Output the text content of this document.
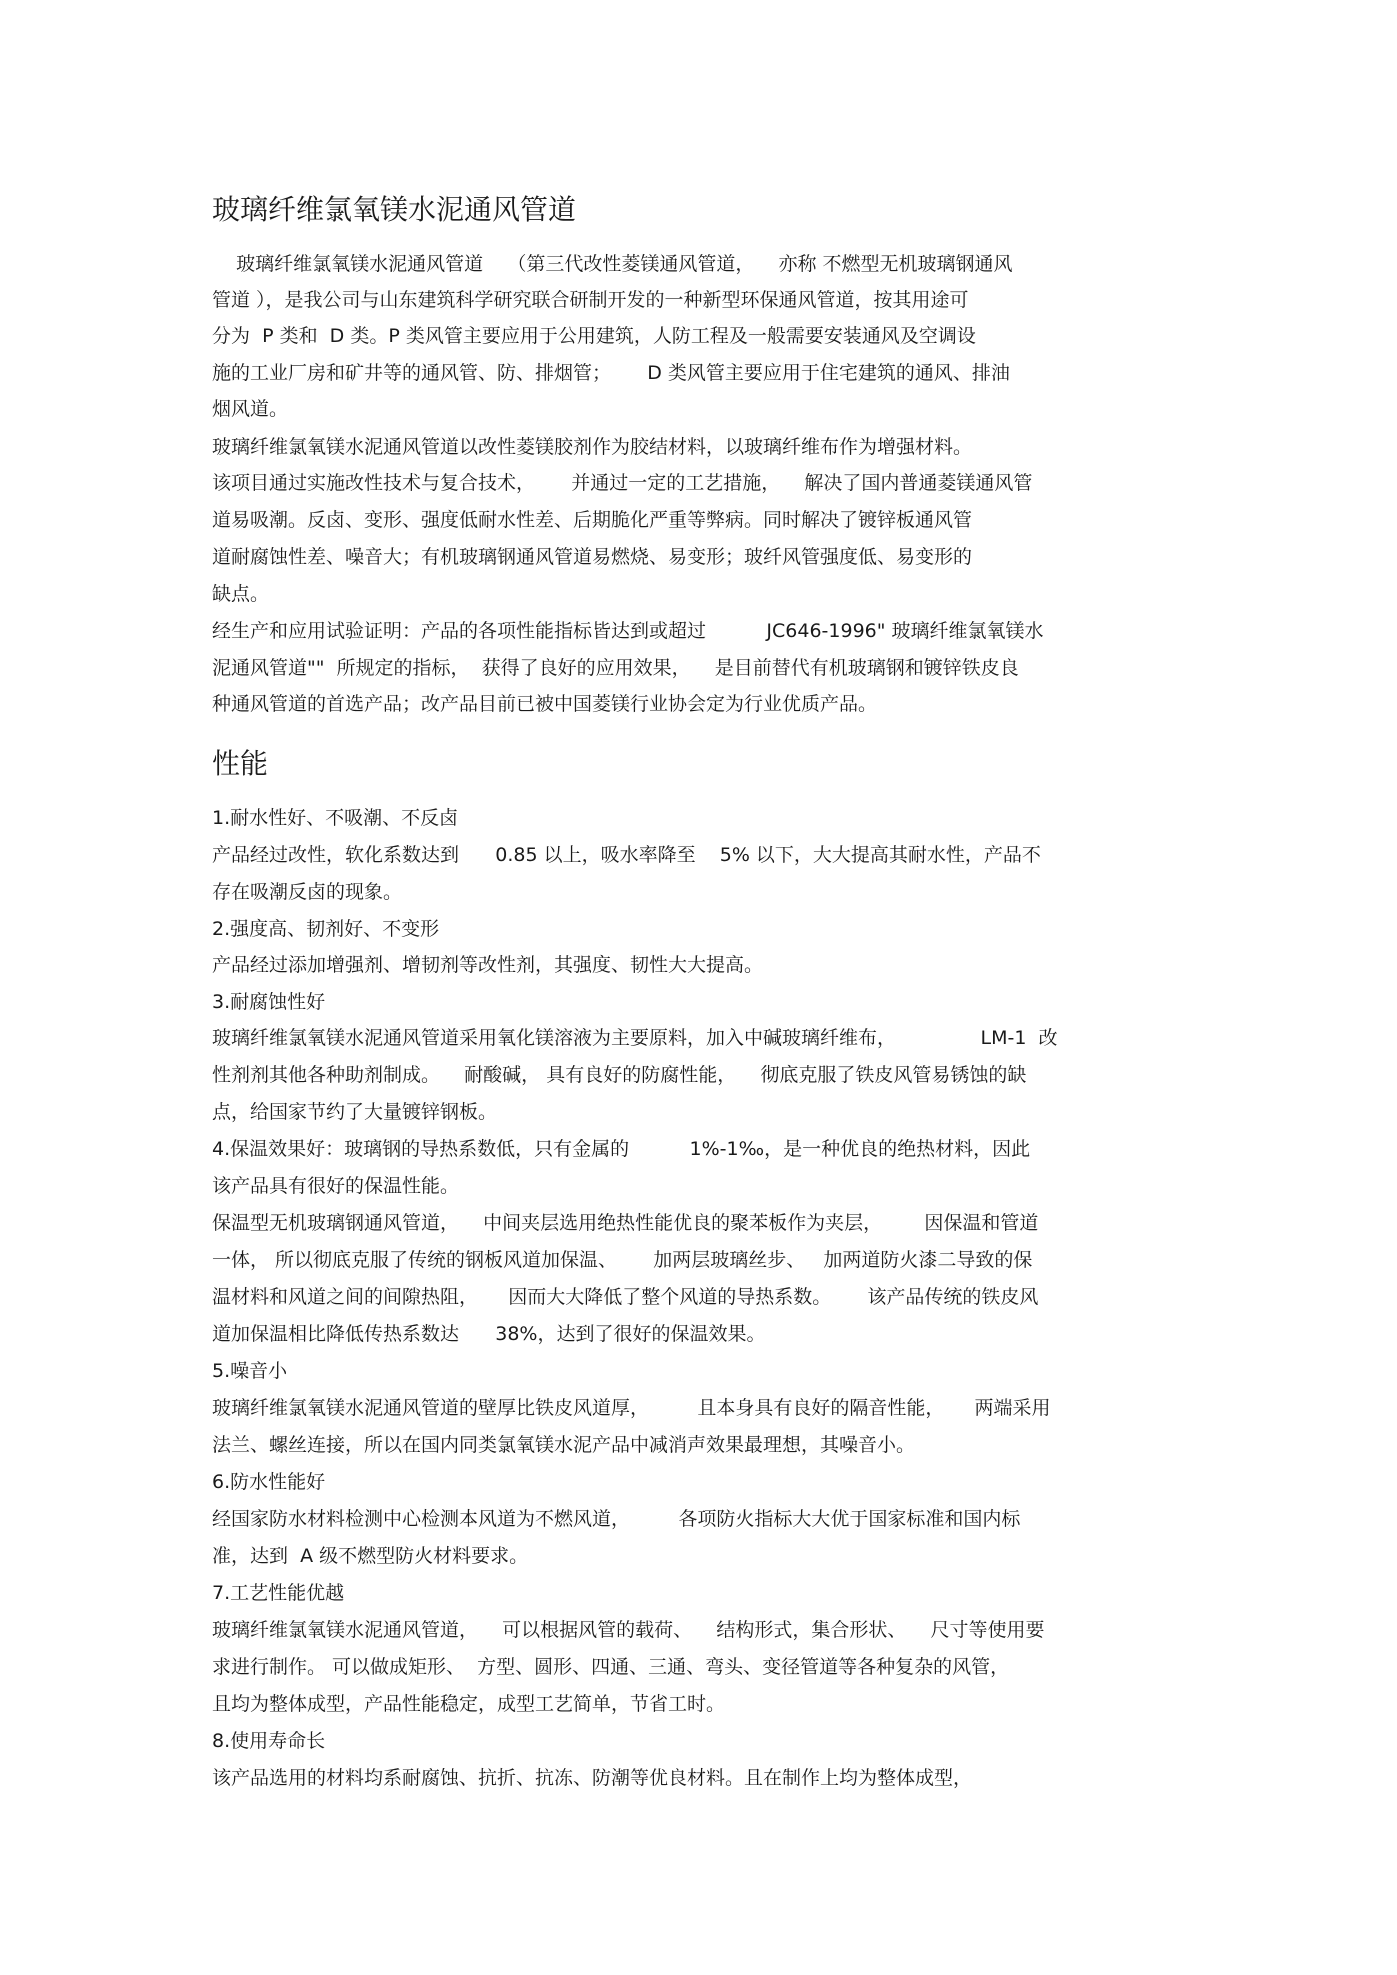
玻璃纤维氯氧镁水泥通风管道
玻璃纤维氯氧镁水泥通风管道    （第三代改性菱镁通风管道，    亦称 不燃型无机玻璃钢通风
管道 ），是我公司与山东建筑科学研究联合研制开发的一种新型环保通风管道，按其用途可
分为  P 类和  D 类。P 类风管主要应用于公用建筑，人防工程及一般需要安装通风及空调设
施的工业厂房和矿井等的通风管、防、排烟管；      D 类风管主要应用于住宅建筑的通风、排油
烟风道。
玻璃纤维氯氧镁水泥通风管道以改性菱镁胶剂作为胶结材料，以玻璃纤维布作为增强材料。
该项目通过实施改性技术与复合技术，      并通过一定的工艺措施，    解决了国内普通菱镁通风管
道易吸潮。反卤、变形、强度低耐水性差、后期脆化严重等弊病。同时解决了镀锌板通风管
道耐腐蚀性差、噪音大；有机玻璃钢通风管道易燃烧、易变形；玻纤风管强度低、易变形的
缺点。
经生产和应用试验证明：产品的各项性能指标皆达到或超过          JC646-1996" 玻璃纤维氯氧镁水
泥通风管道""  所规定的指标，  获得了良好的应用效果，    是目前替代有机玻璃钢和镀锌铁皮良
种通风管道的首选产品；改产品目前已被中国菱镁行业协会定为行业优质产品。
性能
1.耐水性好、不吸潮、不反卤
产品经过改性，软化系数达到      0.85 以上，吸水率降至    5% 以下，大大提高其耐水性，产品不
存在吸潮反卤的现象。
2.强度高、韧剂好、不变形
产品经过添加增强剂、增韧剂等改性剂，其强度、韧性大大提高。
3.耐腐蚀性好
玻璃纤维氯氧镁水泥通风管道采用氧化镁溶液为主要原料，加入中碱玻璃纤维布，              LM-1  改
性剂剂其他各种助剂制成。    耐酸碱， 具有良好的防腐性能，    彻底克服了铁皮风管易锈蚀的缺
点，给国家节约了大量镀锌钢板。
4.保温效果好：玻璃钢的导热系数低，只有金属的          1%-1‰，是一种优良的绝热材料，因此
该产品具有很好的保温性能。
保温型无机玻璃钢通风管道，    中间夹层选用绝热性能优良的聚苯板作为夹层，       因保温和管道
一体， 所以彻底克服了传统的钢板风道加保温、      加两层玻璃丝步、   加两道防火漆二导致的保
温材料和风道之间的间隙热阻，     因而大大降低了整个风道的导热系数。      该产品传统的铁皮风
道加保温相比降低传热系数达      38%，达到了很好的保温效果。
5.噪音小
玻璃纤维氯氧镁水泥通风管道的壁厚比铁皮风道厚，        且本身具有良好的隔音性能，     两端采用
法兰、螺丝连接，所以在国内同类氯氧镁水泥产品中减消声效果最理想，其噪音小。
6.防水性能好
经国家防水材料检测中心检测本风道为不燃风道，        各项防火指标大大优于国家标准和国内标
准，达到  A 级不燃型防火材料要求。
7.工艺性能优越
玻璃纤维氯氧镁水泥通风管道，    可以根据风管的载荷、    结构形式，集合形状、    尺寸等使用要
求进行制作。 可以做成矩形、  方型、圆形、四通、三通、弯头、变径管道等各种复杂的风管，
且均为整体成型，产品性能稳定，成型工艺简单，节省工时。
8.使用寿命长
该产品选用的材料均系耐腐蚀、抗折、抗冻、防潮等优良材料。且在制作上均为整体成型，
